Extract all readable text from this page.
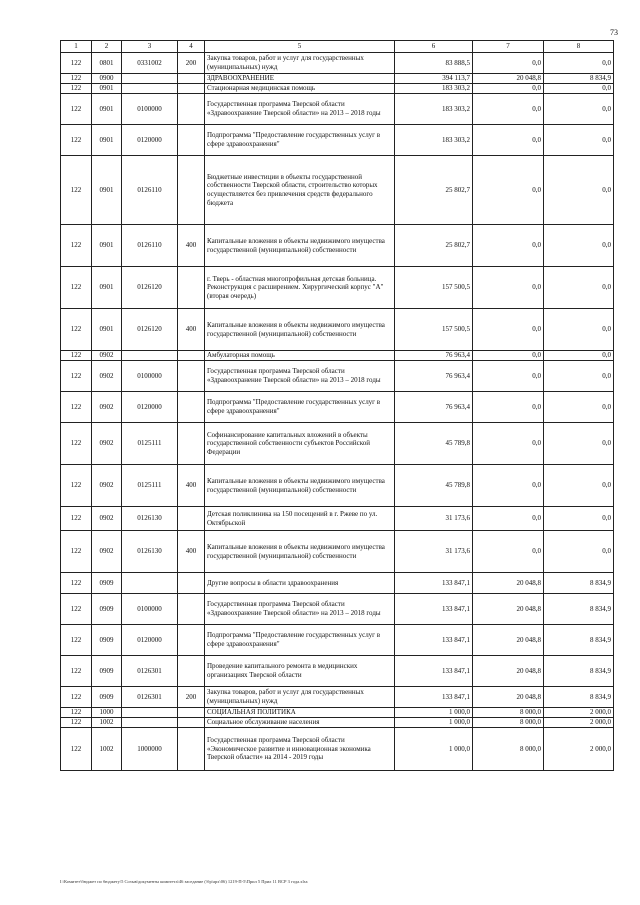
73
1	2	3	4	5	6	7	8
122	0801	0331002	200	Закупка товаров, работ и услуг для государственных (муниципальных) нужд	83 888,5	0,0	0,0
122	0900			ЗДРАВООХРАНЕНИЕ	394 113,7	20 048,8	8 834,9
122	0901			Стационарная медицинская помощь	183 303,2	0,0	0,0
122	0901	0100000		Государственная программа Тверской области «Здравоохранение Тверской области» на 2013 – 2018 годы	183 303,2	0,0	0,0
122	0901	0120000		Подпрограмма "Предоставление государственных услуг в сфере здравоохранения"	183 303,2	0,0	0,0
122	0901	0126110		Бюджетные инвестиции в объекты государственной собственности Тверской области, строительство которых осуществляется без привлечения средств федерального бюджета	25 802,7	0,0	0,0
122	0901	0126110	400	Капитальные вложения в объекты недвижимого имущества государственной (муниципальной) собственности	25 802,7	0,0	0,0
122	0901	0126120		г. Тверь - областная многопрофильная детская больница. Реконструкция с расширением. Хирургический корпус "А" (вторая очередь)	157 500,5	0,0	0,0
122	0901	0126120	400	Капитальные вложения в объекты недвижимого имущества государственной (муниципальной) собственности	157 500,5	0,0	0,0
122	0902			Амбулаторная помощь	76 963,4	0,0	0,0
122	0902	0100000		Государственная программа Тверской области «Здравоохранение Тверской области» на 2013 – 2018 годы	76 963,4	0,0	0,0
122	0902	0120000		Подпрограмма "Предоставление государственных услуг в сфере здравоохранения"	76 963,4	0,0	0,0
122	0902	0125111		Софинансирование капитальных вложений в объекты государственной собственности субъектов Российской Федерации	45 789,8	0,0	0,0
122	0902	0125111	400	Капитальные вложения в объекты недвижимого имущества государственной (муниципальной) собственности	45 789,8	0,0	0,0
122	0902	0126130		Детская поликлиника на 150 посещений в г. Ржеве по ул. Октябрьской	31 173,6	0,0	0,0
122	0902	0126130	400	Капитальные вложения в объекты недвижимого имущества государственной (муниципальной) собственности	31 173,6	0,0	0,0
122	0909			Другие вопросы в области здравоохранения	133 847,1	20 048,8	8 834,9
122	0909	0100000		Государственная программа Тверской области «Здравоохранение Тверской области» на 2013 – 2018 годы	133 847,1	20 048,8	8 834,9
122	0909	0120000		Подпрограмма "Предоставление государственных услуг в сфере здравоохранения"	133 847,1	20 048,8	8 834,9
122	0909	0126301		Проведение капитального ремонта в медицинских организациях Тверской области	133 847,1	20 048,8	8 834,9
122	0909	0126301	200	Закупка товаров, работ и услуг для государственных (муниципальных) нужд	133 847,1	20 048,8	8 834,9
122	1000			СОЦИАЛЬНАЯ ПОЛИТИКА	1 000,0	8 000,0	2 000,0
122	1002			Социальное обслуживание населения	1 000,0	8 000,0	2 000,0
122	1002	1000000		Государственная программа Тверской области «Экономическое развитие и инновационная экономика Тверской области» на 2014 - 2019 годы	1 000,0	8 000,0	2 000,0
I:\Комитет\бюджет по бюджету\5 Созыв\документы комитета\46 заседание (\бр\арх\06) 1219-П-5\Прил 5 Прил 11 ВСР 3 года.xlsx
